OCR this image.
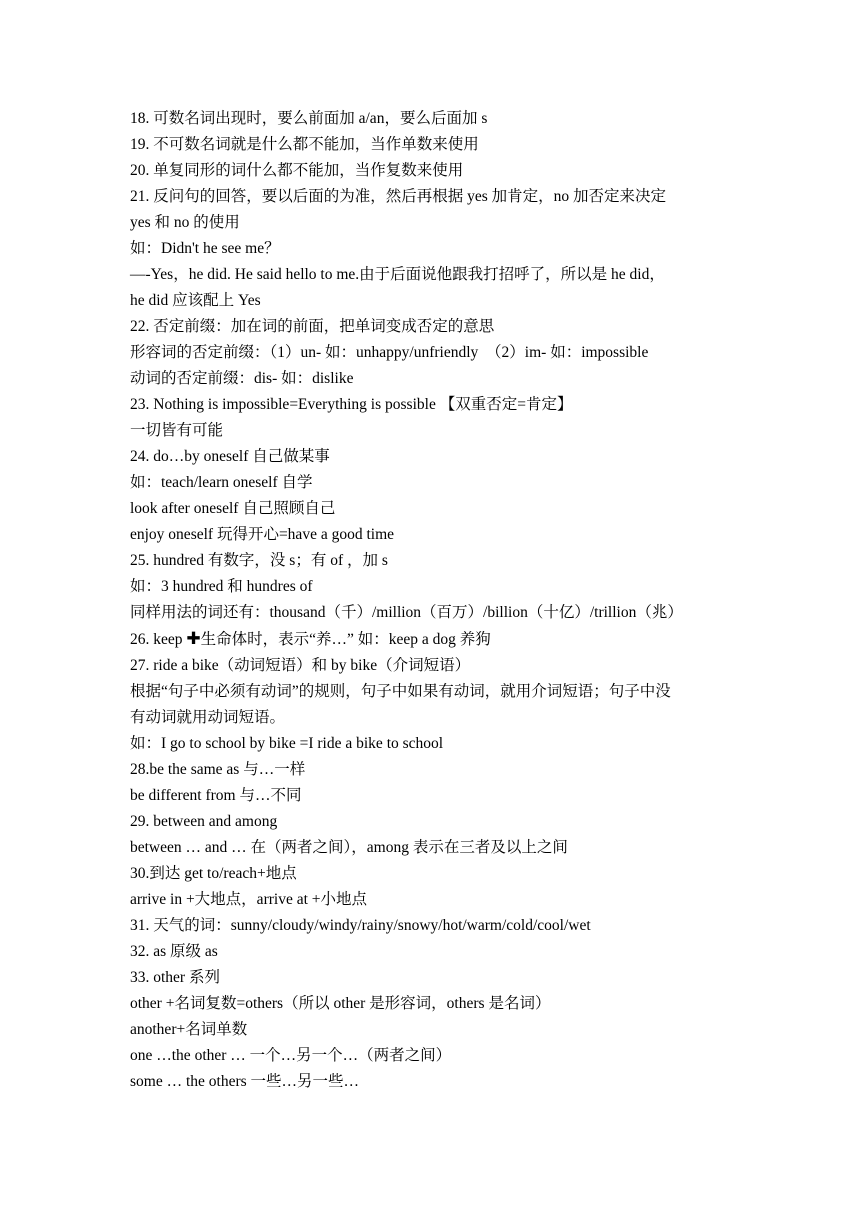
18. 可数名词出现时，要么前面加 a/an，要么后面加 s
19. 不可数名词就是什么都不能加，当作单数来使用
20. 单复同形的词什么都不能加，当作复数来使用
21. 反问句的回答，要以后面的为准，然后再根据 yes 加肯定，no 加否定来决定
yes 和 no 的使用
如：Didn't he see me？
—-Yes，he did. He said hello to me.由于后面说他跟我打招呼了，所以是 he did，
he did 应该配上 Yes
22. 否定前缀：加在词的前面，把单词变成否定的意思
形容词的否定前缀：（1）un- 如：unhappy/unfriendly　（2）im- 如：impossible
动词的否定前缀：dis- 如：dislike
23. Nothing is impossible=Everything is possible 【双重否定=肯定】
一切皆有可能
24. do…by oneself 自己做某事
如：teach/learn oneself 自学
look after oneself 自己照顾自己
enjoy oneself 玩得开心=have a good time
25. hundred 有数字，没 s；有 of ，加 s
如：3 hundred 和 hundres of
同样用法的词还有：thousand（千）/million（百万）/billion（十亿）/trillion（兆）
26. keep ✚生命体时，表示“养…” 如：keep a dog 养狗
27. ride a bike（动词短语）和 by bike（介词短语）
根据“句子中必须有动词”的规则，句子中如果有动词，就用介词短语；句子中没
有动词就用动词短语。
如：I go to school by bike =I ride a bike to school
28.be the same as 与…一样
be different from 与…不同
29. between and among
between … and … 在（两者之间），among 表示在三者及以上之间
30.到达 get to/reach+地点
arrive in +大地点，arrive at +小地点
31. 天气的词：sunny/cloudy/windy/rainy/snowy/hot/warm/cold/cool/wet
32. as 原级 as
33. other 系列
other +名词复数=others（所以 other 是形容词，others 是名词）
another+名词单数
one …the other … 一个…另一个…（两者之间）
some … the others 一些…另一些…
